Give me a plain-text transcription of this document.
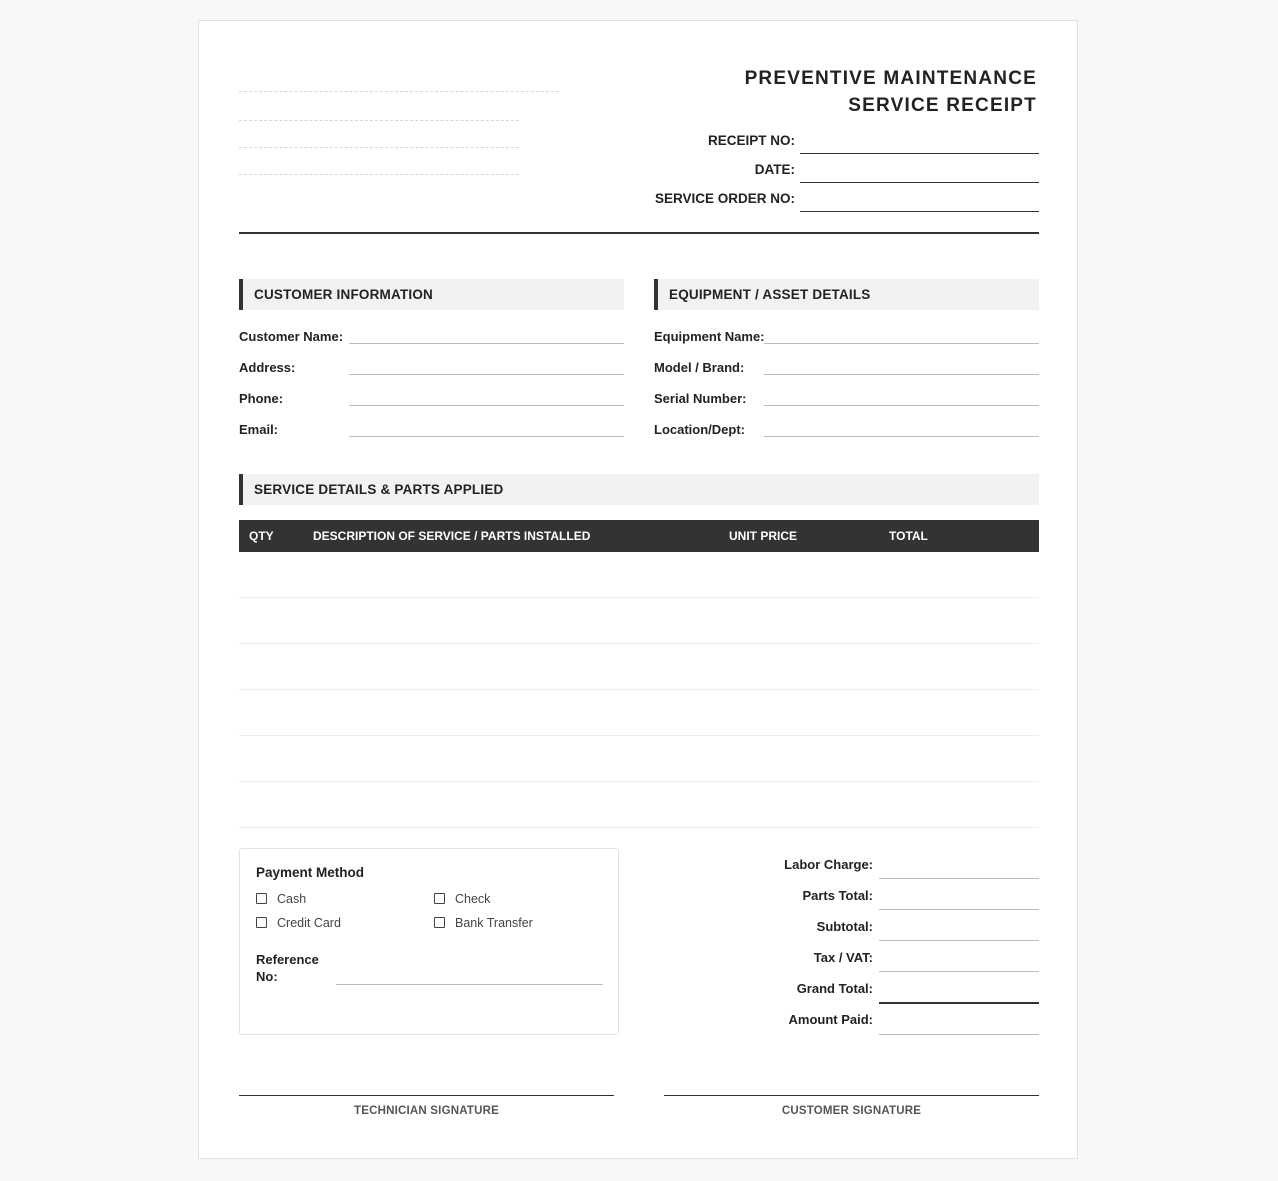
PREVENTIVE MAINTENANCE
SERVICE RECEIPT
RECEIPT NO:
DATE:
SERVICE ORDER NO:
CUSTOMER INFORMATION
Customer Name:
Address:
Phone:
Email:
EQUIPMENT / ASSET DETAILS
Equipment Name:
Model / Brand:
Serial Number:
Location/Dept:
SERVICE DETAILS & PARTS APPLIED
QTY	DESCRIPTION OF SERVICE / PARTS INSTALLED	UNIT PRICE	TOTAL
Payment Method
Cash	Check
Credit Card	Bank Transfer
Reference
No:
Labor Charge:
Parts Total:
Subtotal:
Tax / VAT:
Grand Total:
Amount Paid:
TECHNICIAN SIGNATURE	CUSTOMER SIGNATURE
